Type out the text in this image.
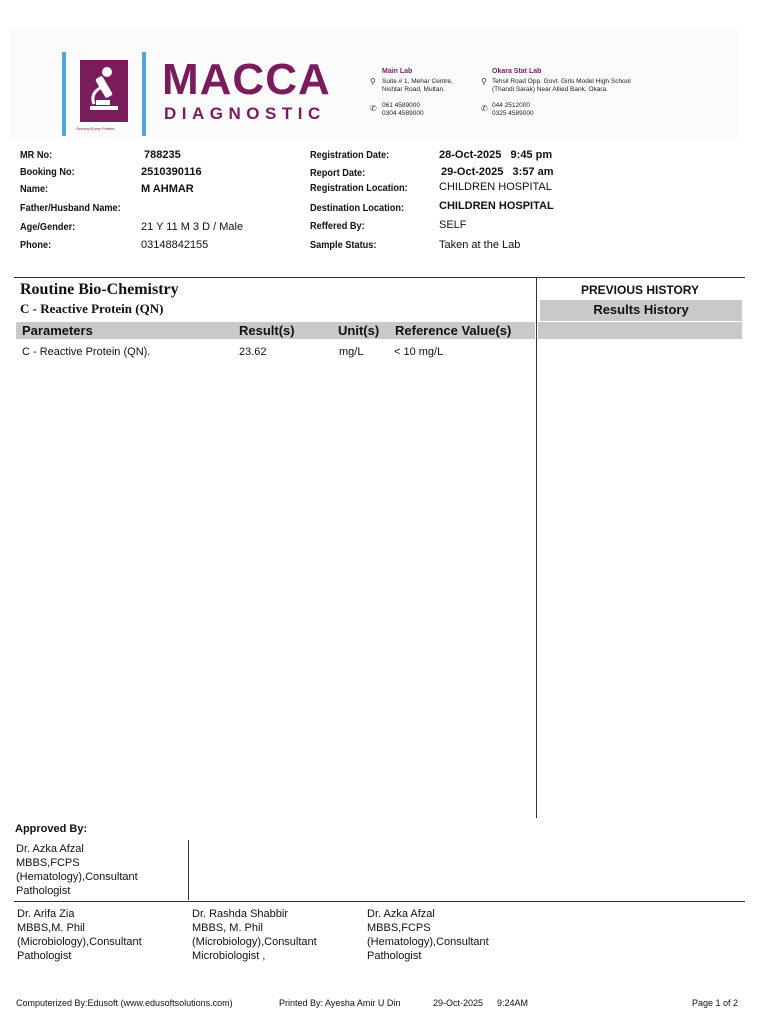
Serving Every Patient
MACCA
DIAGNOSTIC
Main Lab
⚲ Suite # 1, Mehar Centre,
Nishtar Road, Multan.
✆ 061 4589000
0304 4589000
Okara Stat Lab
⚲ Tehsil Road Opp. Govt. Girls Model High School
(Thandi Sarak) Near Allied Bank, Okara.
✆ 044 2512000
0325 4589000
MR No:	788235
Booking No:	2510390116
Name:	M AHMAR
Father/Husband Name:
Age/Gender:	21 Y 11 M 3 D / Male
Phone:	03148842155
Registration Date:	28-Oct-2025   9:45 pm
Report Date:	29-Oct-2025   3:57 am
Registration Location:	CHILDREN HOSPITAL
Destination Location:	CHILDREN HOSPITAL
Reffered By:	SELF
Sample Status:	Taken at the Lab
Routine Bio-Chemistry
C - Reactive Protein (QN)
Parameters	Result(s)	Unit(s) Reference Value(s)
C - Reactive Protein (QN).	23.62	mg/L	< 10 mg/L
PREVIOUS HISTORY
Results History
Approved By:
Dr. Azka Afzal
MBBS,FCPS
(Hematology),Consultant
Pathologist
Dr. Arifa Zia
MBBS,M. Phil
(Microbiology),Consultant
Pathologist
Dr. Rashda Shabbir
MBBS, M. Phil
(Microbiology),Consultant
Microbiologist ,
Dr. Azka Afzal
MBBS,FCPS
(Hematology),Consultant
Pathologist
Computerized By:Edusoft (www.edusoftsolutions.com)	Printed By: Ayesha Amir U Din	29-Oct-2025 9:24AM	Page 1 of 2
